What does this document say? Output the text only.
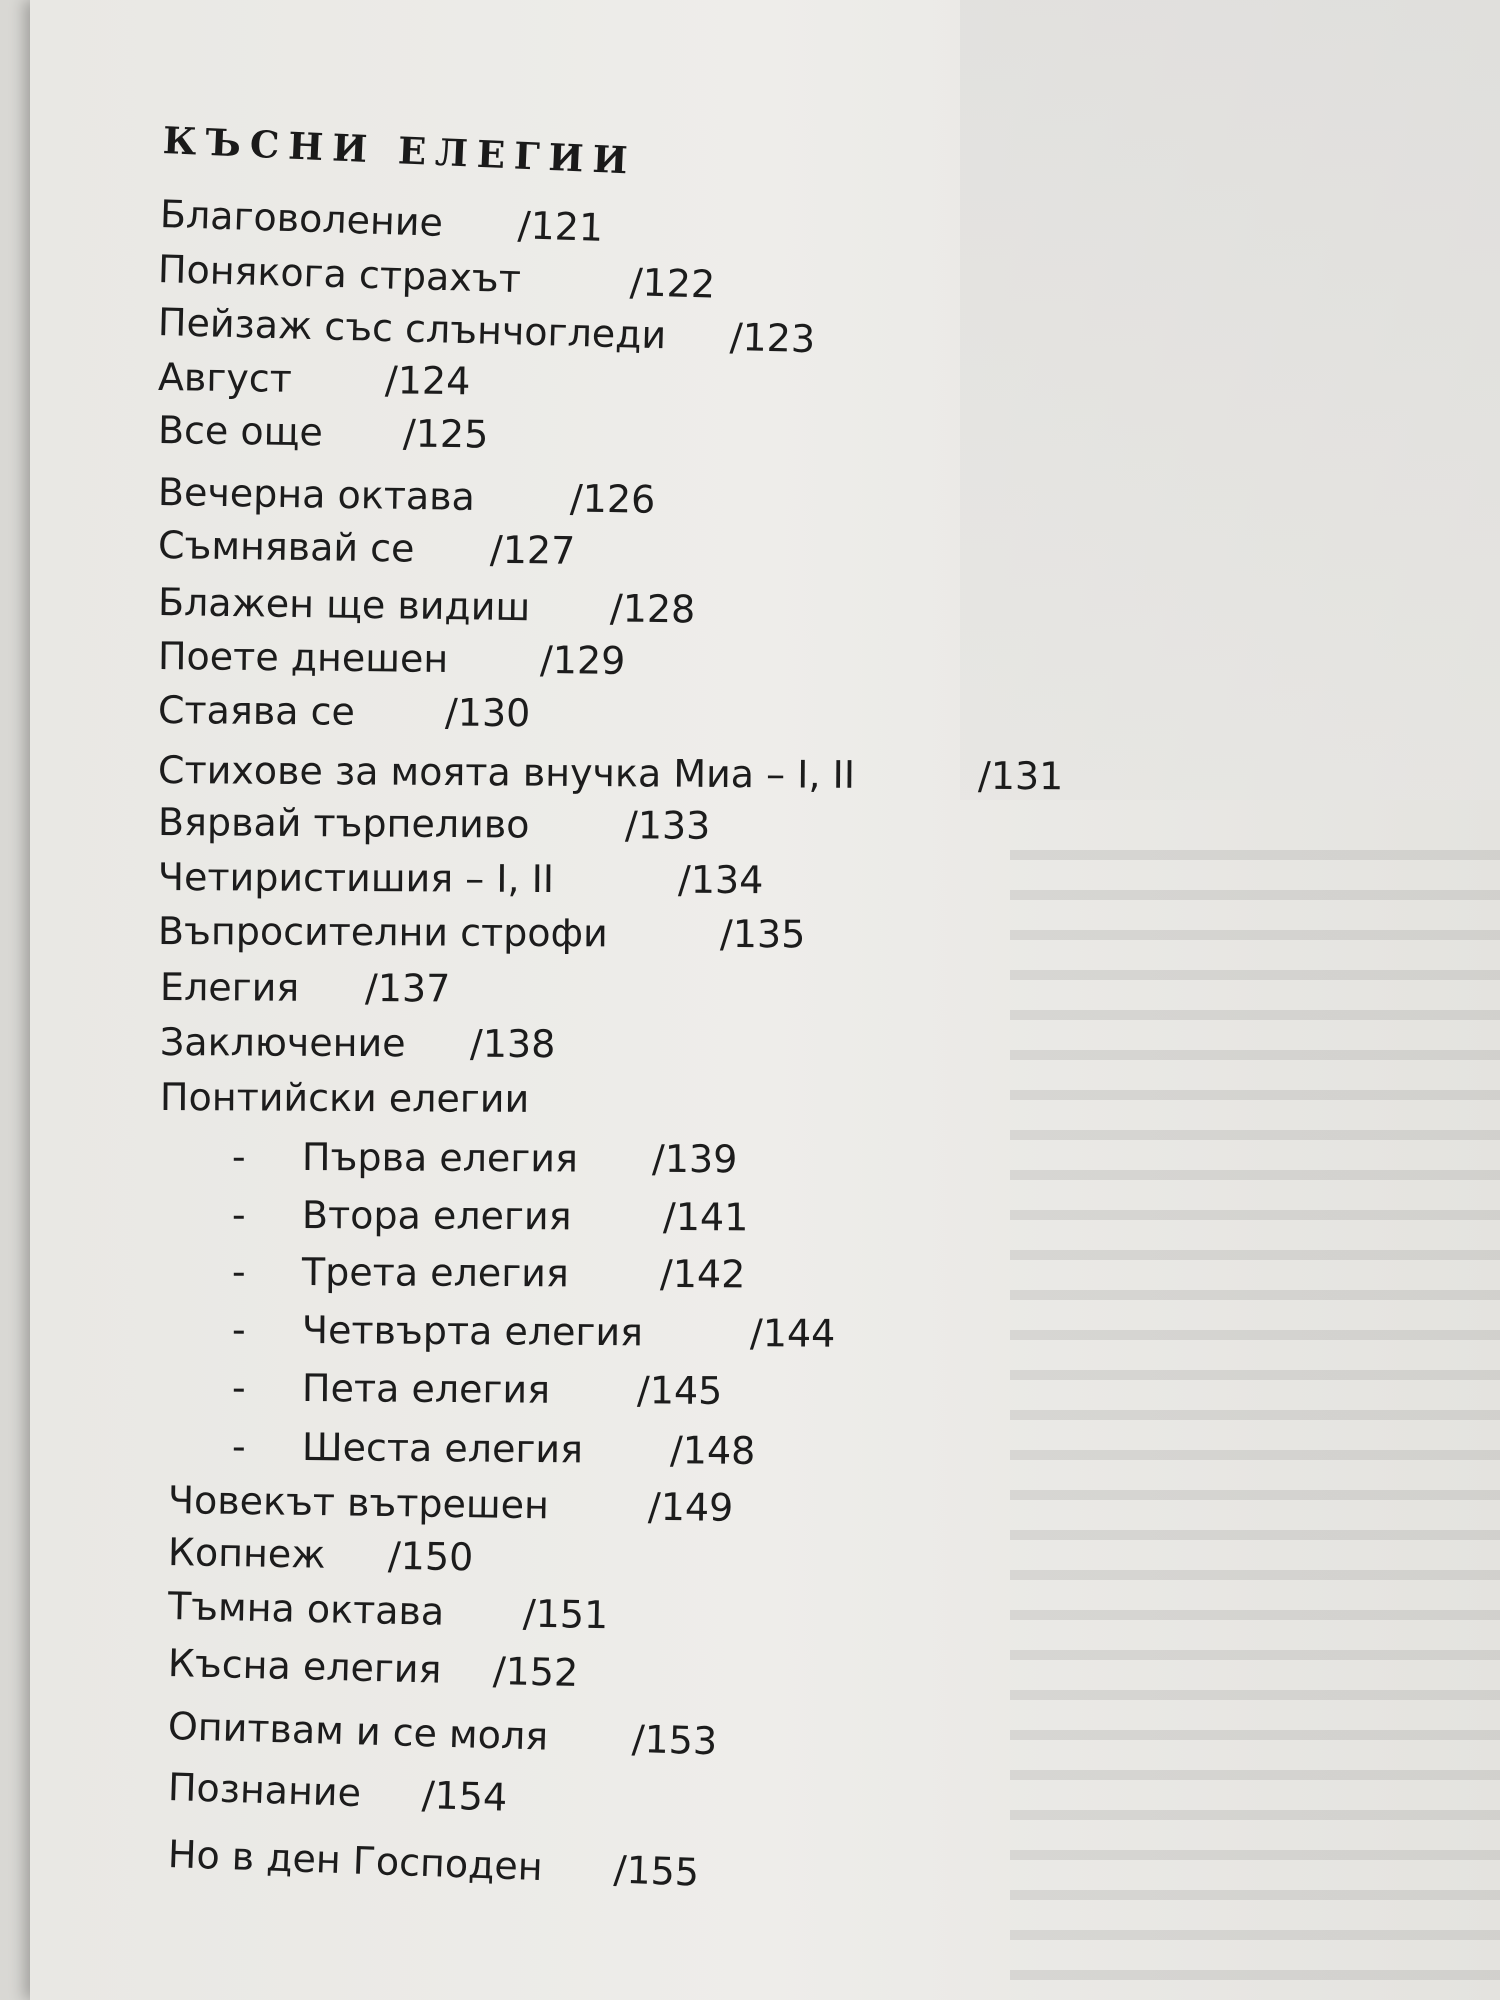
КЪСНИ ЕЛЕГИИ
Благоволение /121
Понякога страхът	/122
Пейзаж със слънчогледи /123
Август /124
Все още /125
Вечерна октава /126
Съмнявай се /127
Блажен ще видиш /128
Поете днешен /129
Стаява се /130
Стихове за моята внучка Миа – I, II	/131
Вярвай търпеливо	/133
Четиристишия – I, II	/134
Въпросителни строфи	/135
Елегия /137
Заключение /138
Понтийски елегии
- Първа елегия /139
- Втора елегия /141
- Трета елегия /142
- Четвърта елегия	/144
- Пета елегия /145
- Шеста елегия /148
Човекът вътрешен	/149
Копнеж /150
Тъмна октава /151
Късна елегия /152
Опитвам и се моля /153
Познание /154
Но в ден Господен /155
